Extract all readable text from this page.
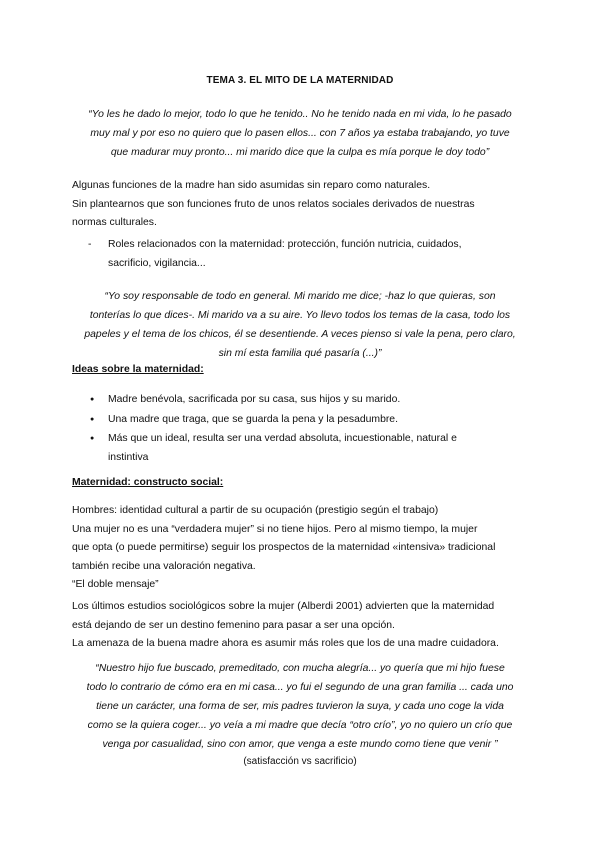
TEMA 3. EL MITO DE LA MATERNIDAD

“Yo les he dado lo mejor, todo lo que he tenido.. No he tenido nada en mi vida, lo he pasado
muy mal y por eso no quiero que lo pasen ellos... con 7 años ya estaba trabajando, yo tuve
que madurar muy pronto... mi marido dice que la culpa es mía porque le doy todo”
Algunas funciones de la madre han sido asumidas sin reparo como naturales.
Sin plantearnos que son funciones fruto de unos relatos sociales derivados de nuestras
normas culturales.
- Roles relacionados con la maternidad: protección, función nutricia, cuidados,
sacrificio, vigilancia...
“Yo soy responsable de todo en general. Mi marido me dice; -haz lo que quieras, son
tonterías lo que dices-. Mi marido va a su aire. Yo llevo todos los temas de la casa, todo los
papeles y el tema de los chicos, él se desentiende. A veces pienso si vale la pena, pero claro,
sin mí esta familia qué pasaría (...)”
Ideas sobre la maternidad:
● Madre benévola, sacrificada por su casa, sus hijos y su marido.
● Una madre que traga, que se guarda la pena y la pesadumbre.
● Más que un ideal, resulta ser una verdad absoluta, incuestionable, natural e
instintiva
Maternidad: constructo social:
Hombres: identidad cultural a partir de su ocupación (prestigio según el trabajo)
Una mujer no es una “verdadera mujer” si no tiene hijos. Pero al mismo tiempo, la mujer
que opta (o puede permitirse) seguir los prospectos de la maternidad «intensiva» tradicional
también recibe una valoración negativa.
“El doble mensaje”
Los últimos estudios sociológicos sobre la mujer (Alberdi 2001) advierten que la maternidad
está dejando de ser un destino femenino para pasar a ser una opción.
La amenaza de la buena madre ahora es asumir más roles que los de una madre cuidadora.
“Nuestro hijo fue buscado, premeditado, con mucha alegría... yo quería que mi hijo fuese
todo lo contrario de cómo era en mi casa... yo fui el segundo de una gran familia ... cada uno
tiene un carácter, una forma de ser, mis padres tuvieron la suya, y cada uno coge la vida
como se la quiera coger... yo veía a mi madre que decía “otro crío”, yo no quiero un crío que
venga por casualidad, sino con amor, que venga a este mundo como tiene que venir ”

(satisfacción vs sacrificio)
